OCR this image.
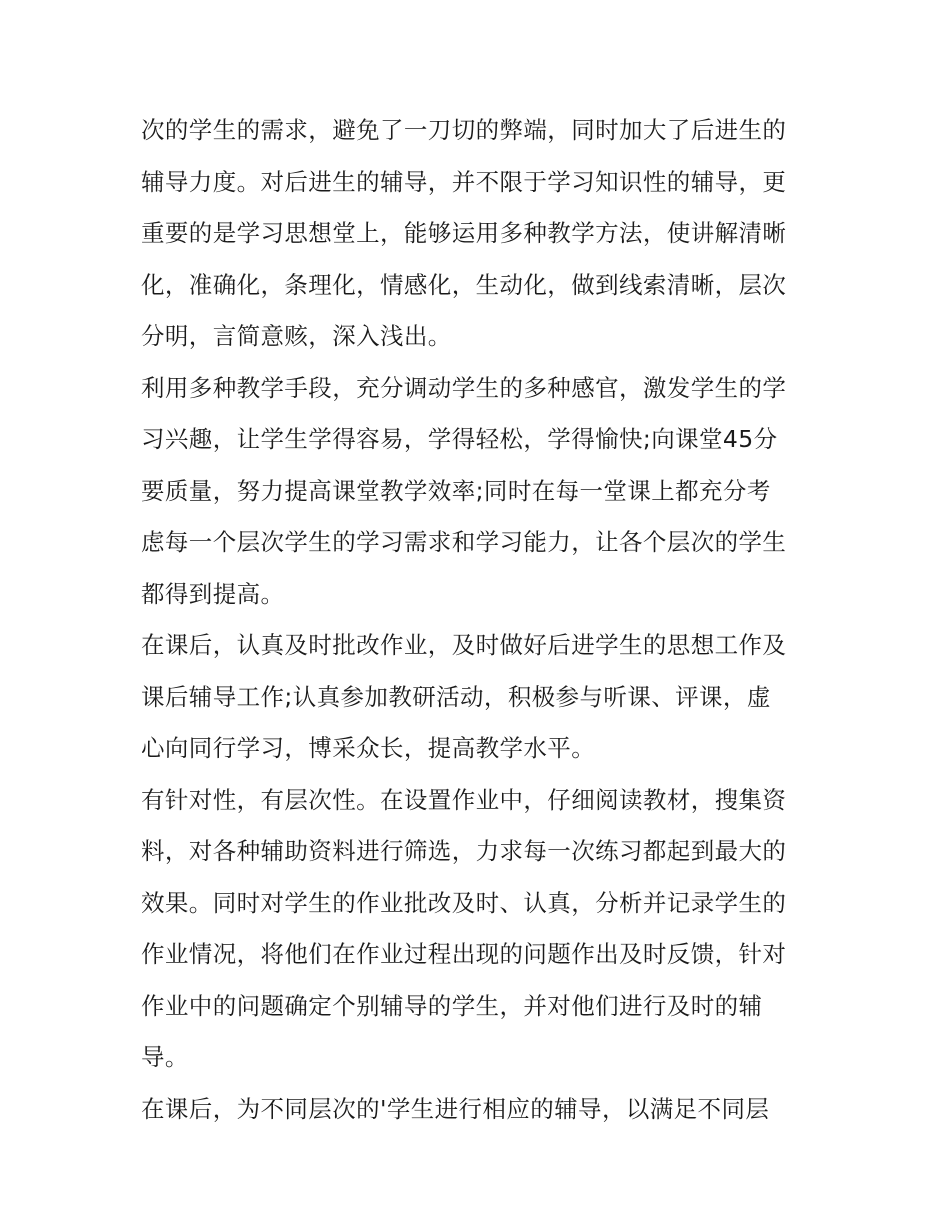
次的学生的需求，避免了一刀切的弊端，同时加大了后进生的
辅导力度。对后进生的辅导，并不限于学习知识性的辅导，更
重要的是学习思想堂上，能够运用多种教学方法，使讲解清晰
化，准确化，条理化，情感化，生动化，做到线索清晰，层次
分明，言简意赅，深入浅出。
利用多种教学手段，充分调动学生的多种感官，激发学生的学
习兴趣，让学生学得容易，学得轻松，学得愉快;向课堂45分
要质量，努力提高课堂教学效率;同时在每一堂课上都充分考
虑每一个层次学生的学习需求和学习能力，让各个层次的学生
都得到提高。
在课后，认真及时批改作业，及时做好后进学生的思想工作及
课后辅导工作;认真参加教研活动，积极参与听课、评课，虚
心向同行学习，博采众长，提高教学水平。
有针对性，有层次性。在设置作业中，仔细阅读教材，搜集资
料，对各种辅助资料进行筛选，力求每一次练习都起到最大的
效果。同时对学生的作业批改及时、认真，分析并记录学生的
作业情况，将他们在作业过程出现的问题作出及时反馈，针对
作业中的问题确定个别辅导的学生，并对他们进行及时的辅
导。
在课后，为不同层次的'学生进行相应的辅导，以满足不同层
